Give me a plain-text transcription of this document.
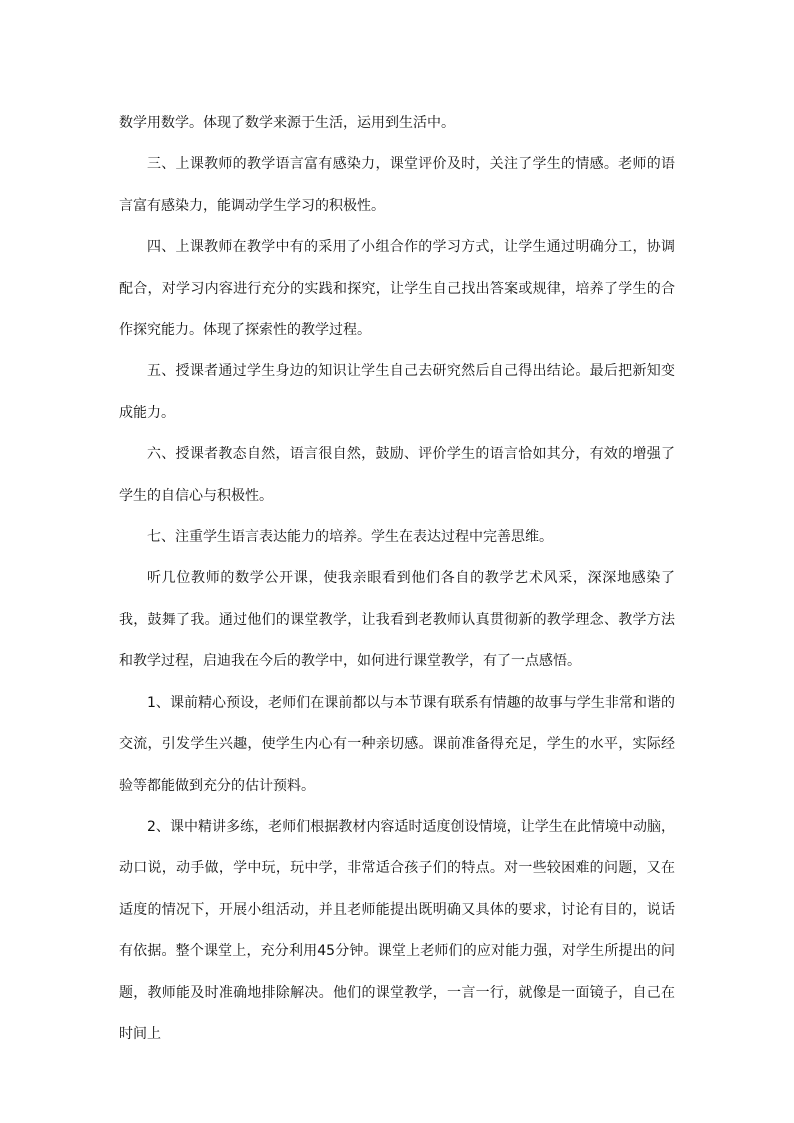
数学用数学。体现了数学来源于生活，运用到生活中。

三、上课教师的教学语言富有感染力，课堂评价及时，关注了学生的情感。老师的语言富有感染力，能调动学生学习的积极性。

四、上课教师在教学中有的采用了小组合作的学习方式，让学生通过明确分工，协调配合，对学习内容进行充分的实践和探究，让学生自己找出答案或规律，培养了学生的合作探究能力。体现了探索性的教学过程。

五、授课者通过学生身边的知识让学生自己去研究然后自己得出结论。最后把新知变成能力。

六、授课者教态自然，语言很自然，鼓励、评价学生的语言恰如其分，有效的增强了学生的自信心与积极性。

七、注重学生语言表达能力的培养。学生在表达过程中完善思维。

听几位教师的数学公开课，使我亲眼看到他们各自的教学艺术风采，深深地感染了我，鼓舞了我。通过他们的课堂教学，让我看到老教师认真贯彻新的教学理念、教学方法和教学过程，启迪我在今后的教学中，如何进行课堂教学，有了一点感悟。

1、课前精心预设，老师们在课前都以与本节课有联系有情趣的故事与学生非常和谐的交流，引发学生兴趣，使学生内心有一种亲切感。课前准备得充足，学生的水平，实际经验等都能做到充分的估计预料。

2、课中精讲多练，老师们根据教材内容适时适度创设情境，让学生在此情境中动脑，动口说，动手做，学中玩，玩中学，非常适合孩子们的特点。对一些较困难的问题，又在适度的情况下，开展小组活动，并且老师能提出既明确又具体的要求，讨论有目的，说话有依据。整个课堂上，充分利用45分钟。课堂上老师们的应对能力强，对学生所提出的问题，教师能及时准确地排除解决。他们的课堂教学，一言一行，就像是一面镜子，自己在时间上
